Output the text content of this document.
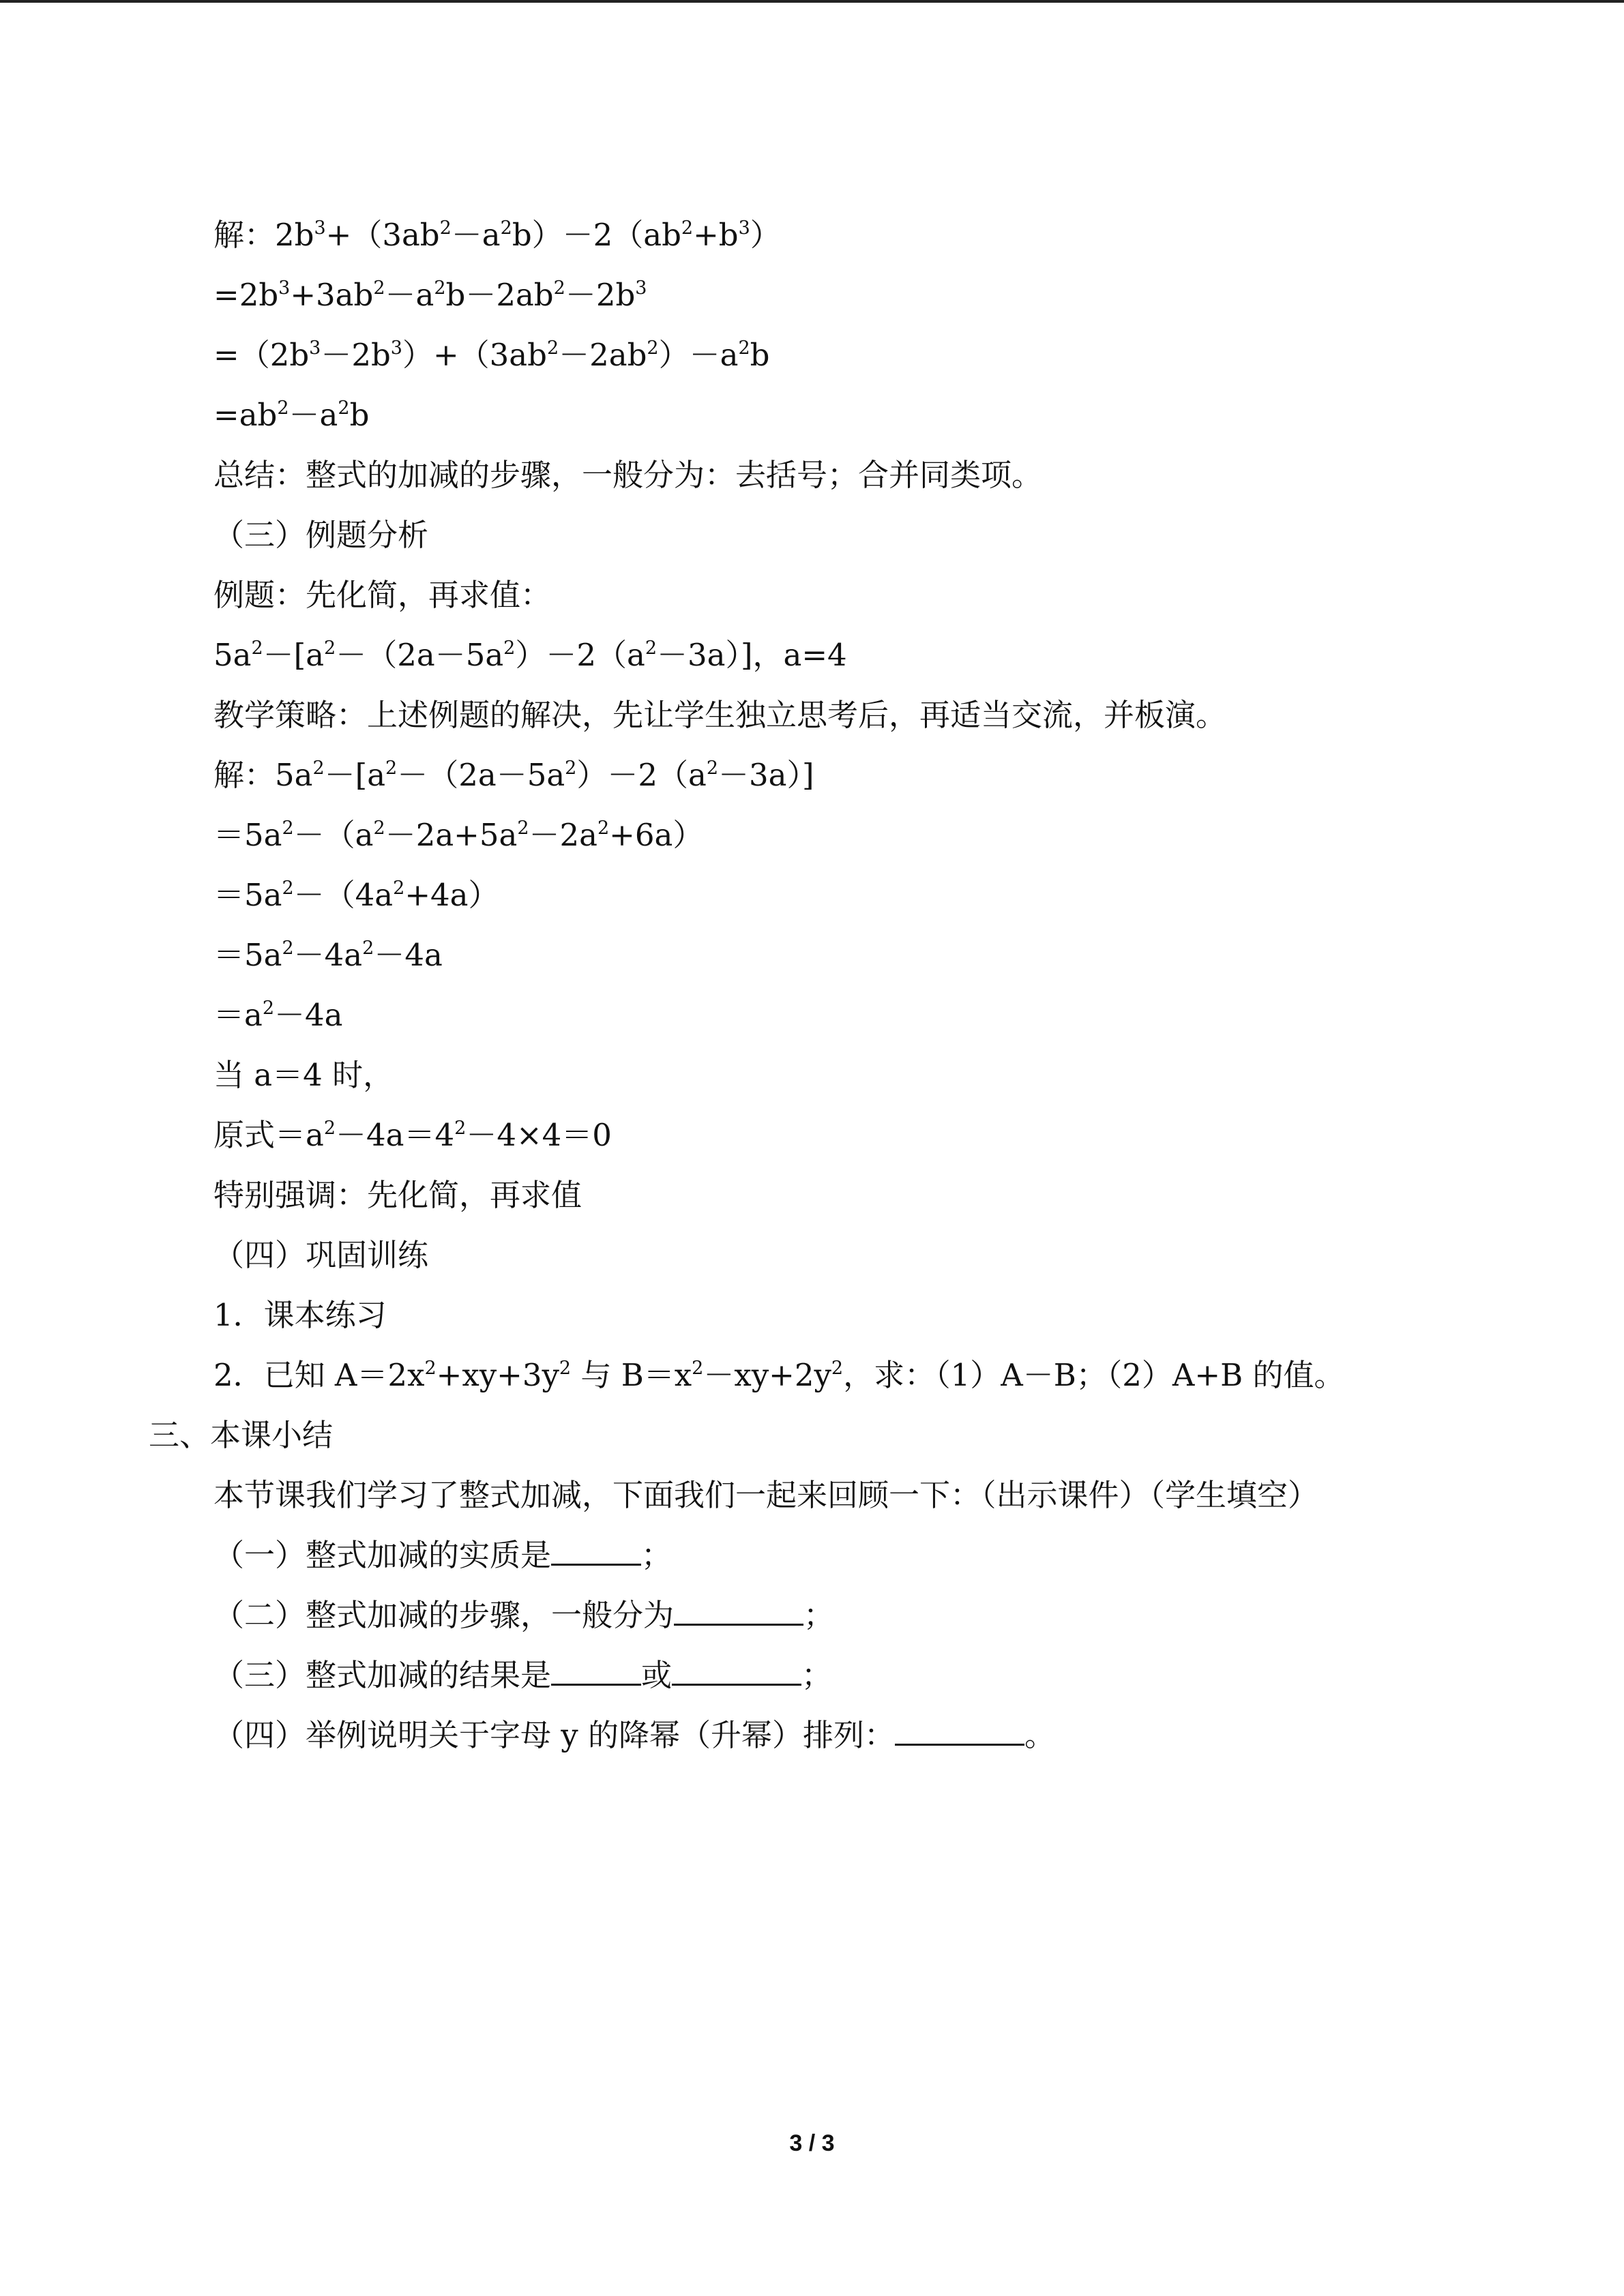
解：$2b^3+(3ab^2-a^2b)-2(ab^2+b^3)$
$=2b^3+3ab^2-a^2b-2ab^2-2b^3$
$=(2b^3-2b^3)+(3ab^2-2ab^2)-a^2b$
$=ab^2-a^2b$
总结：整式的加减的步骤，一般分为：去括号；合并同类项。
（三）例题分析
例题：先化简，再求值：
$5a^2-[a^2-(2a-5a^2)-2(a^2-3a)]$，a=4
教学策略：上述例题的解决，先让学生独立思考后，再适当交流，并板演。
解：$5a^2-[a^2-(2a-5a^2)-2(a^2-3a)]$
$=5a^2-(a^2-2a+5a^2-2a^2+6a)$
$=5a^2-(4a^2+4a)$
$=5a^2-4a^2-4a$
$=a^2-4a$
当 a＝4 时，
原式$=a^2-4a=4^2-4\times 4=0$
特别强调：先化简，再求值
（四）巩固训练
1．课本练习
2．已知 $A=2x^2+xy+3y^2$ 与 $B=x^2-xy+2y^2$，求：（1）A－B；（2）A+B 的值。
三、本课小结
本节课我们学习了整式加减，下面我们一起来回顾一下：（出示课件）（学生填空）
（一）整式加减的实质是	；
（二）整式加减的步骤，一般分为	；
（三）整式加减的结果是	或	；
（四）举例说明关于字母 y 的降幂（升幂）排列：	。
3 / 3
